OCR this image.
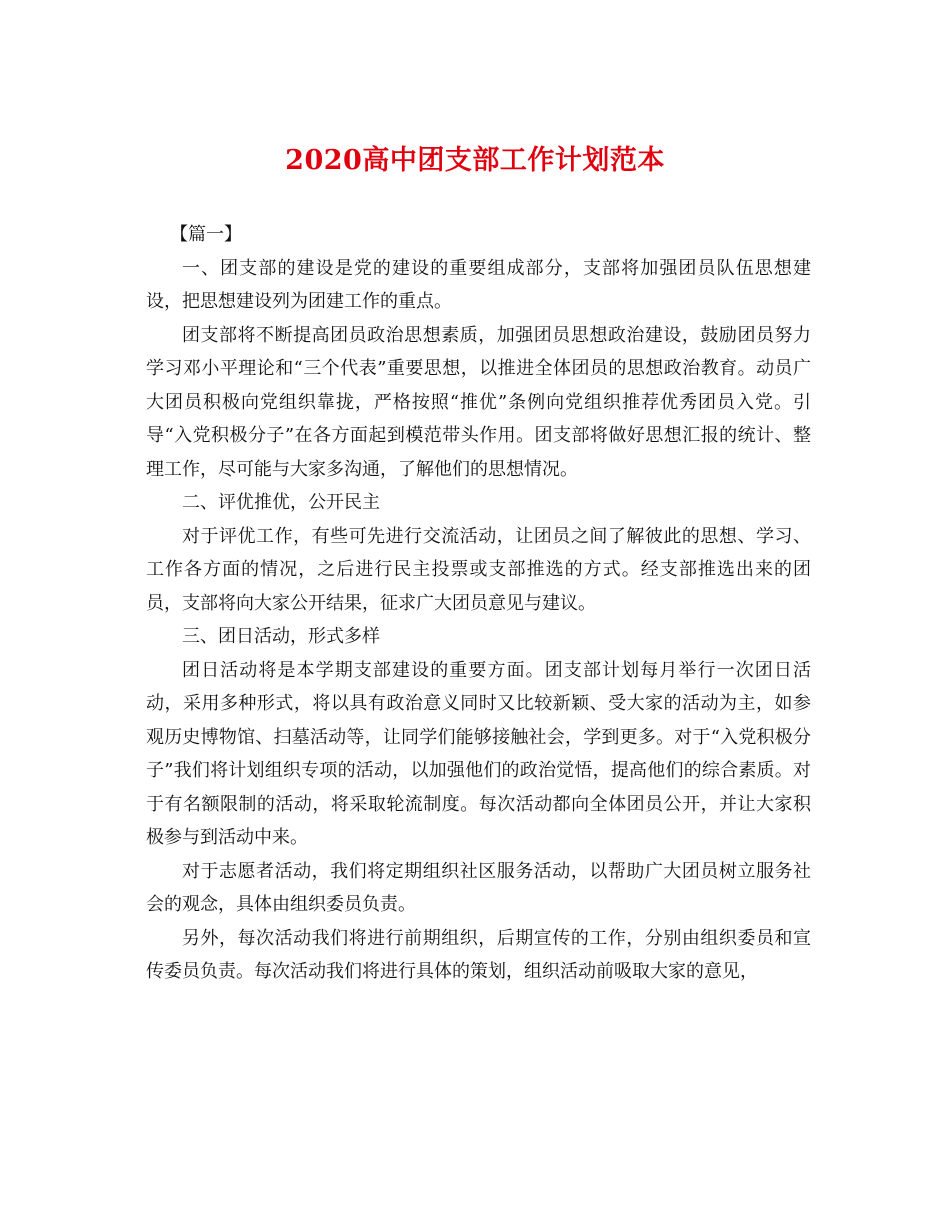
2020高中团支部工作计划范本

【篇一】

一、团支部的建设是党的建设的重要组成部分，支部将加强团员队伍思想建设，把思想建设列为团建工作的重点。

团支部将不断提高团员政治思想素质，加强团员思想政治建设，鼓励团员努力学习邓小平理论和“三个代表”重要思想，以推进全体团员的思想政治教育。动员广大团员积极向党组织靠拢，严格按照“推优”条例向党组织推荐优秀团员入党。引导“入党积极分子”在各方面起到模范带头作用。团支部将做好思想汇报的统计、整理工作，尽可能与大家多沟通，了解他们的思想情况。

二、评优推优，公开民主

对于评优工作，有些可先进行交流活动，让团员之间了解彼此的思想、学习、工作各方面的情况，之后进行民主投票或支部推选的方式。经支部推选出来的团员，支部将向大家公开结果，征求广大团员意见与建议。

三、团日活动，形式多样

团日活动将是本学期支部建设的重要方面。团支部计划每月举行一次团日活动，采用多种形式，将以具有政治意义同时又比较新颖、受大家的活动为主，如参观历史博物馆、扫墓活动等，让同学们能够接触社会，学到更多。对于“入党积极分子”我们将计划组织专项的活动，以加强他们的政治觉悟，提高他们的综合素质。对于有名额限制的活动，将采取轮流制度。每次活动都向全体团员公开，并让大家积极参与到活动中来。

对于志愿者活动，我们将定期组织社区服务活动，以帮助广大团员树立服务社会的观念，具体由组织委员负责。

另外，每次活动我们将进行前期组织，后期宣传的工作，分别由组织委员和宣传委员负责。每次活动我们将进行具体的策划，组织活动前吸取大家的意见，
